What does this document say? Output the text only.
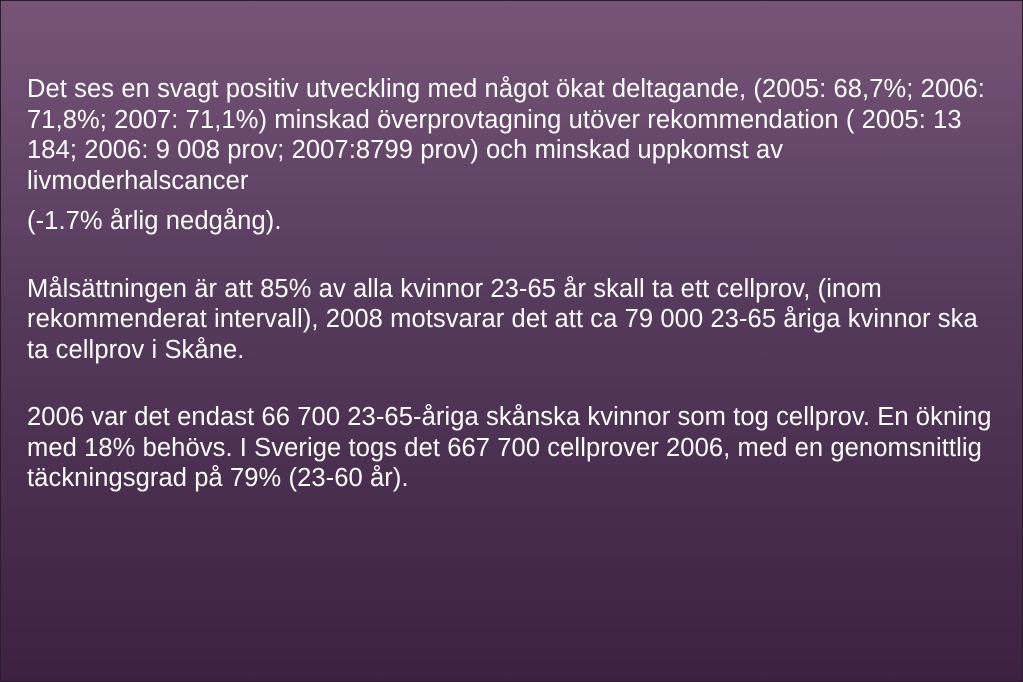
Det ses en svagt positiv utveckling med något ökat deltagande, (2005: 68,7%; 2006: 71,8%; 2007: 71,1%) minskad överprovtagning utöver rekommendation ( 2005: 13 184; 2006: 9 008 prov; 2007:8799 prov) och minskad uppkomst av livmoderhalscancer

(-1.7% årlig nedgång).

Målsättningen är att 85% av alla kvinnor 23-65 år skall ta ett cellprov, (inom rekommenderat intervall), 2008 motsvarar det att ca 79 000 23-65 åriga kvinnor ska ta cellprov i Skåne.

2006 var det endast 66 700 23-65-åriga skånska kvinnor som tog cellprov. En ökning med 18% behövs. I Sverige togs det 667 700 cellprover 2006, med en genomsnittlig täckningsgrad på 79% (23-60 år).
